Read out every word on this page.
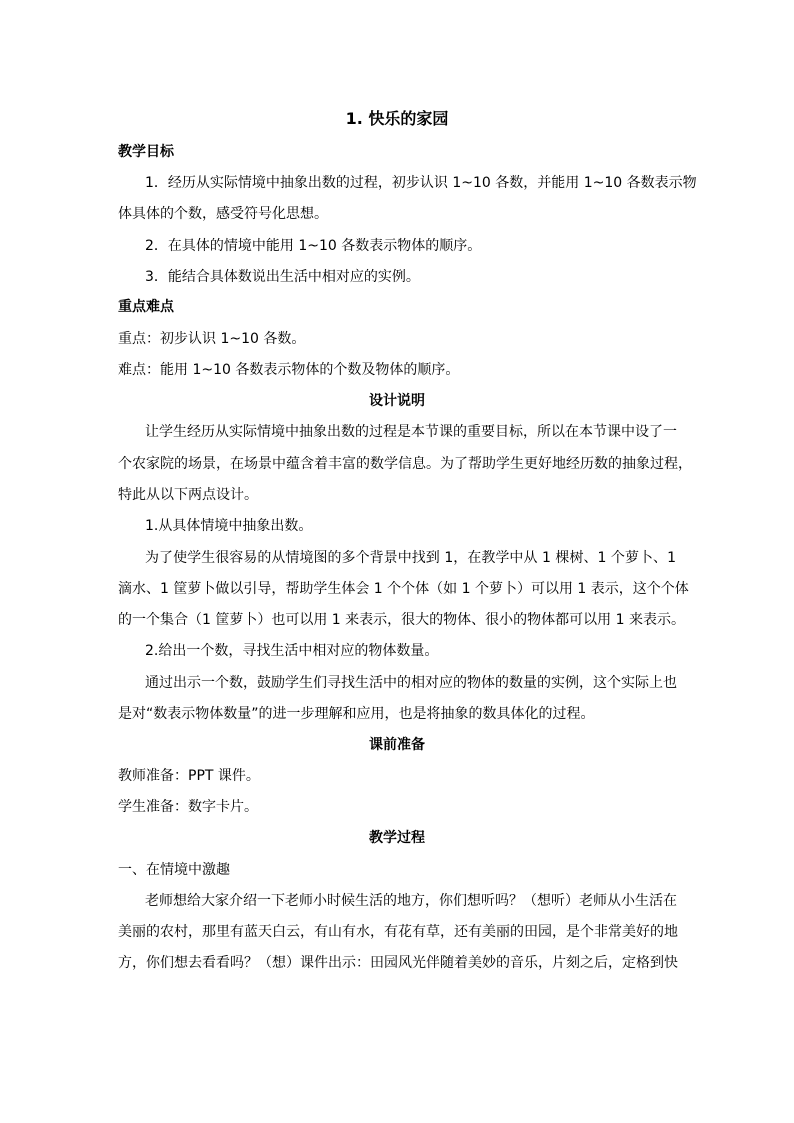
1. 快乐的家园
教学目标
1．经历从实际情境中抽象出数的过程，初步认识 1~10 各数，并能用 1~10 各数表示物
体具体的个数，感受符号化思想。
2．在具体的情境中能用 1~10 各数表示物体的顺序。
3．能结合具体数说出生活中相对应的实例。
重点难点
重点：初步认识 1~10 各数。
难点：能用 1~10 各数表示物体的个数及物体的顺序。
设计说明
让学生经历从实际情境中抽象出数的过程是本节课的重要目标，所以在本节课中设了一
个农家院的场景，在场景中蕴含着丰富的数学信息。为了帮助学生更好地经历数的抽象过程，
特此从以下两点设计。
1.从具体情境中抽象出数。
为了使学生很容易的从情境图的多个背景中找到 1，在教学中从 1 棵树、1 个萝卜、1
滴水、1 筐萝卜做以引导，帮助学生体会 1 个个体（如 1 个萝卜）可以用 1 表示，这个个体
的一个集合（1 筐萝卜）也可以用 1 来表示，很大的物体、很小的物体都可以用 1 来表示。
2.给出一个数，寻找生活中相对应的物体数量。
通过出示一个数，鼓励学生们寻找生活中的相对应的物体的数量的实例，这个实际上也
是对“数表示物体数量”的进一步理解和应用，也是将抽象的数具体化的过程。
课前准备
教师准备：PPT 课件。
学生准备：数字卡片。
教学过程
一、在情境中激趣
老师想给大家介绍一下老师小时候生活的地方，你们想听吗？（想听）老师从小生活在
美丽的农村，那里有蓝天白云，有山有水，有花有草，还有美丽的田园，是个非常美好的地
方，你们想去看看吗？（想）课件出示：田园风光伴随着美妙的音乐，片刻之后，定格到快
